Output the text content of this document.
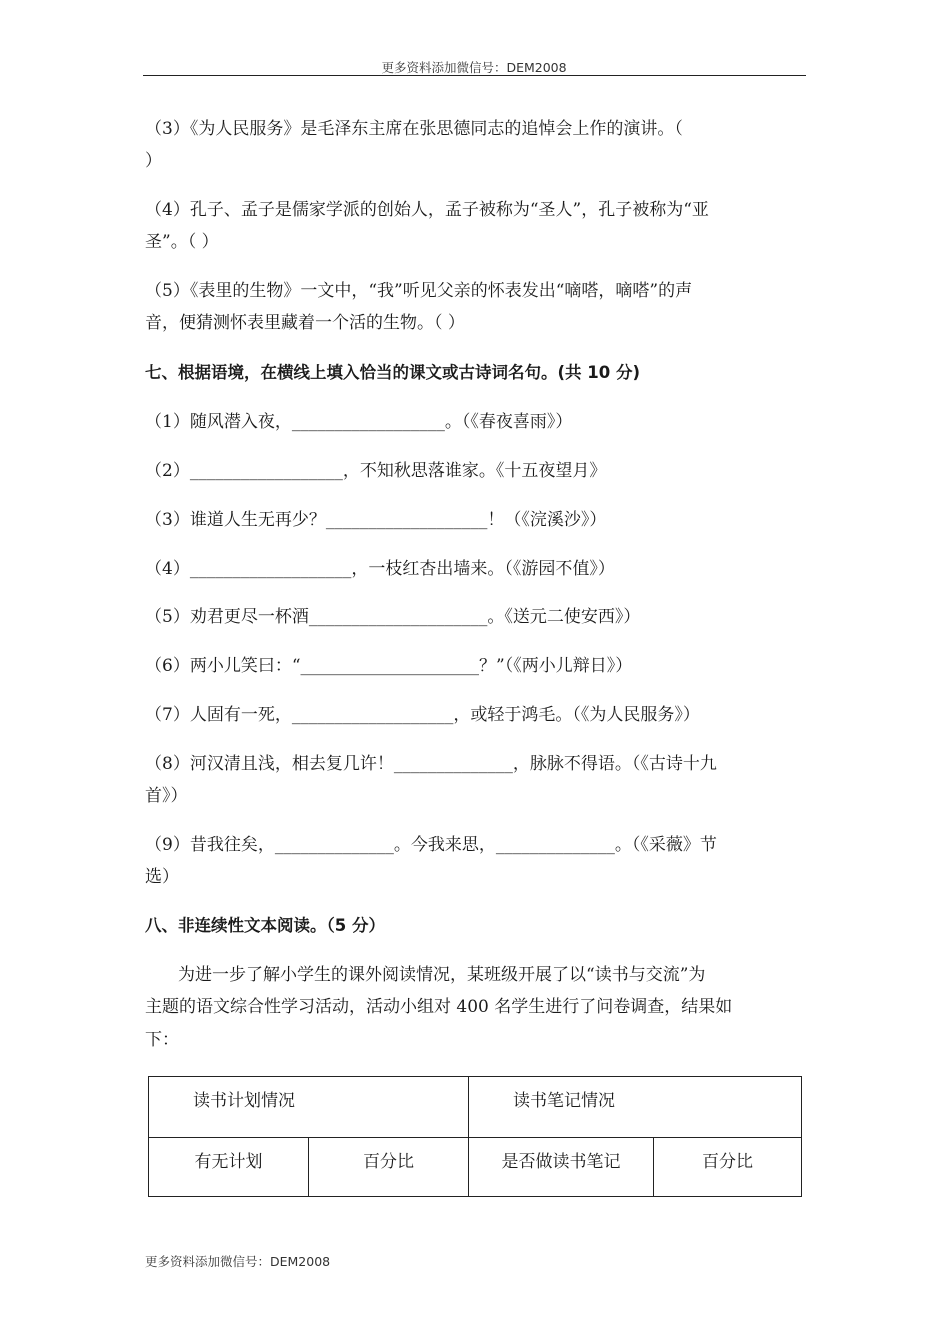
更多资料添加微信号：DEM2008
（3）《为人民服务》是毛泽东主席在张思德同志的追悼会上作的演讲。（
）
（4）孔子、孟子是儒家学派的创始人，孟子被称为“圣人”，孔子被称为“亚
圣”。（ ）
（5）《表里的生物》一文中，“我”听见父亲的怀表发出“嘀嗒，嘀嗒”的声
音，便猜测怀表里藏着一个活的生物。（ ）
七、根据语境，在横线上填入恰当的课文或古诗词名句。(共 10 分)
（1）随风潜入夜，__________________。（《春夜喜雨》）
（2）__________________，不知秋思落谁家。《十五夜望月》
（3）谁道人生无再少？___________________！（《浣溪沙》）
（4）___________________，一枝红杏出墙来。（《游园不值》）
（5）劝君更尽一杯酒_____________________。《送元二使安西》）
（6）两小儿笑曰：“_____________________？”（《两小儿辩日》）
（7）人固有一死，___________________，或轻于鸿毛。（《为人民服务》）
（8）河汉清且浅，相去复几许！______________，脉脉不得语。（《古诗十九
首》）
（9）昔我往矣，______________。今我来思，______________。（《采薇》节
选）
八、非连续性文本阅读。（5 分）
为进一步了解小学生的课外阅读情况，某班级开展了以“读书与交流”为
主题的语文综合性学习活动，活动小组对 400 名学生进行了问卷调查，结果如
下：
读书计划情况		读书笔记情况	

有无计划	百分比	是否做读书笔记	百分比
更多资料添加微信号：DEM2008
